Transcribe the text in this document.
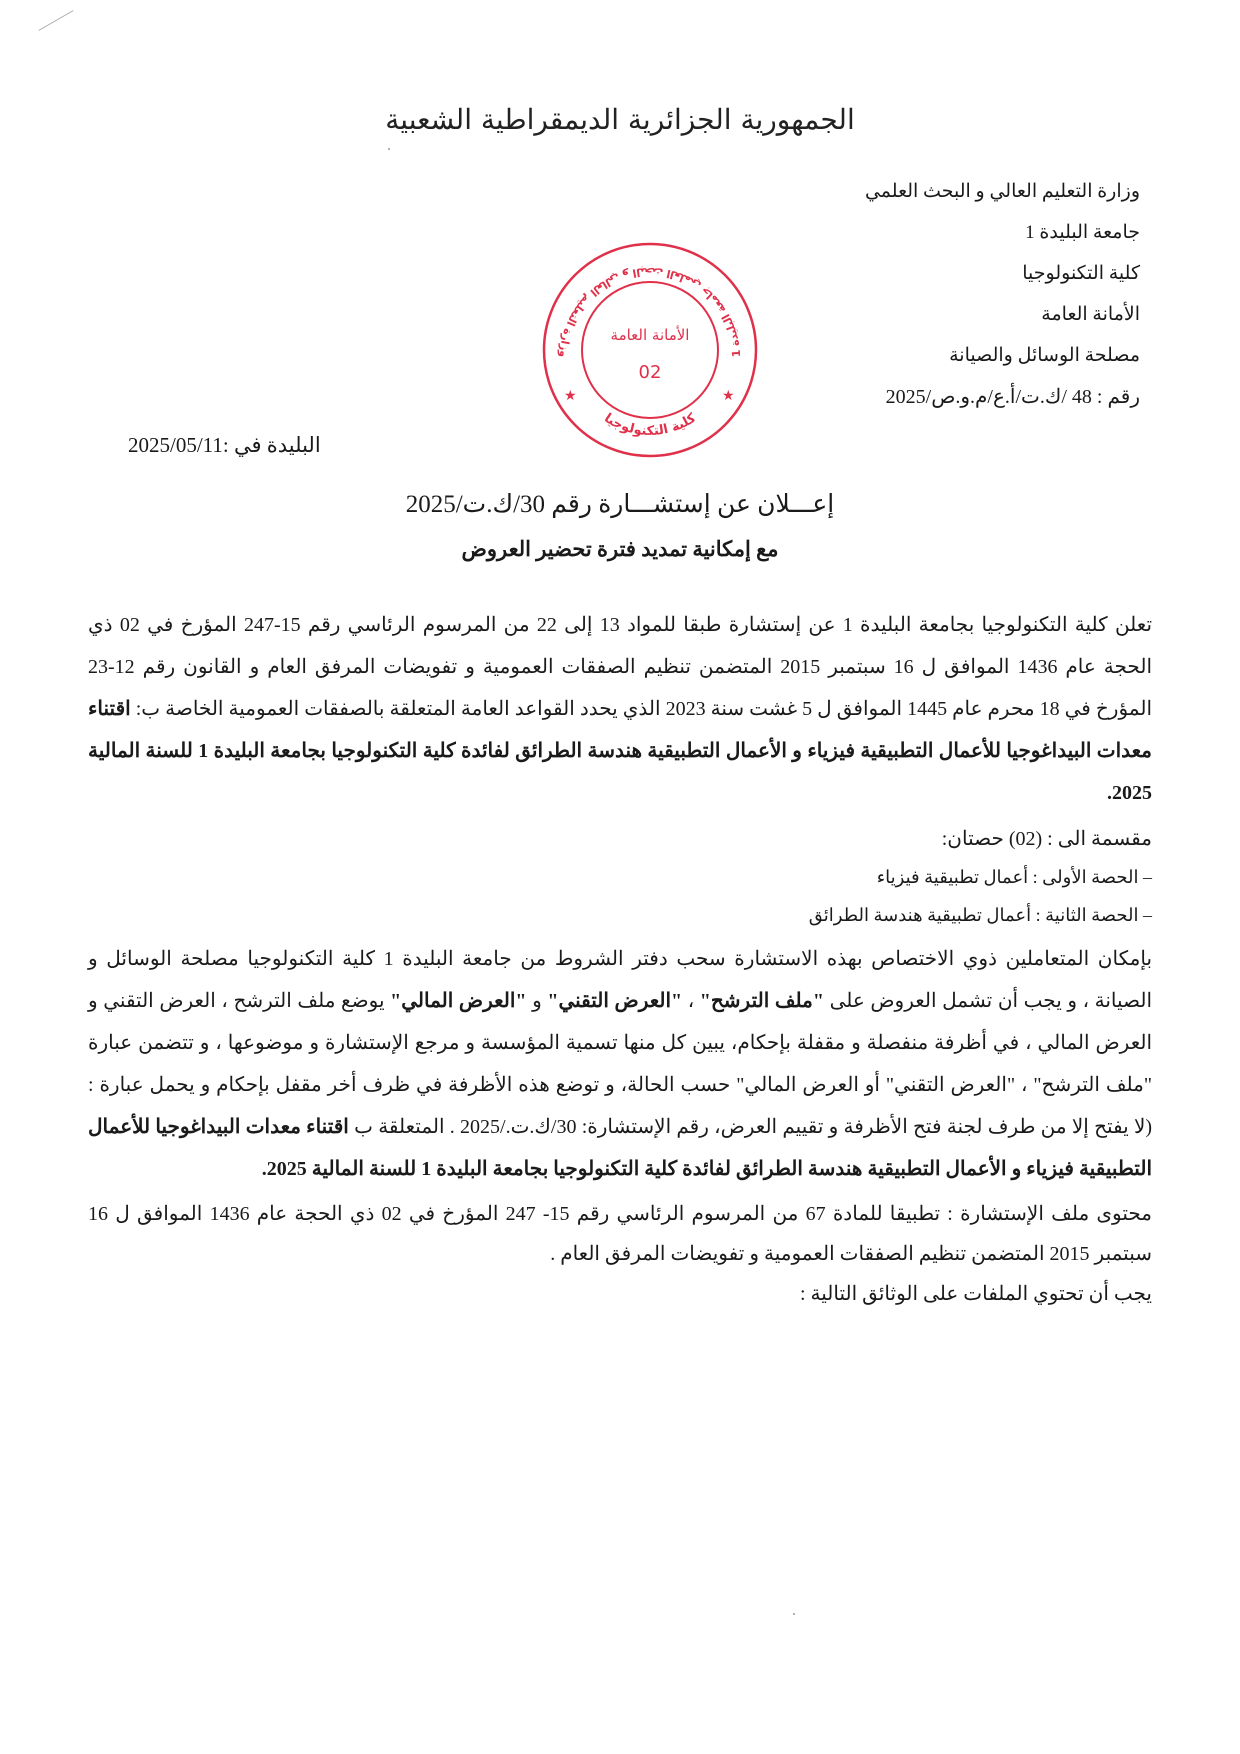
الجمهورية الجزائرية الديمقراطية الشعبية
وزارة التعليم العالي و البحث العلمي
جامعة البليدة 1
كلية التكنولوجيا
الأمانة العامة
مصلحة الوسائل والصيانة
رقم : 48 /ك.ت/أ.ع/م.و.ص/2025
وزارة التعليم العالي و البحث العلمي جامعة البليدة 1
كلية التكنولوجيا
★	★
الأمانة العامة
02
البليدة في :2025/05/11
إعـــلان عن إستشـــارة رقم 30/ك.ت/2025
مع إمكانية تمديد فترة تحضير العروض

تعلن كلية التكنولوجيا بجامعة البليدة 1 عن إستشارة طبقا للمواد 13 إلى 22 من المرسوم الرئاسي رقم 15-247 المؤرخ في 02 ذي الحجة عام 1436 الموافق ل 16 سبتمبر 2015 المتضمن تنظيم الصفقات العمومية و تفويضات المرفق العام و القانون رقم 12-23 المؤرخ في 18 محرم عام 1445 الموافق ل 5 غشت سنة 2023 الذي يحدد القواعد العامة المتعلقة بالصفقات العمومية الخاصة ب: اقتناء معدات البيداغوجيا للأعمال التطبيقية فيزياء و الأعمال التطبيقية هندسة الطرائق لفائدة كلية التكنولوجيا بجامعة البليدة 1 للسنة المالية 2025.

مقسمة الى : (02) حصتان:
– الحصة الأولى : أعمال تطبيقية فيزياء
– الحصة الثانية : أعمال تطبيقية هندسة الطرائق

بإمكان المتعاملين ذوي الاختصاص بهذه الاستشارة سحب دفتر الشروط من جامعة البليدة 1 كلية التكنولوجيا مصلحة الوسائل و الصيانة ، و يجب أن تشمل العروض على "ملف الترشح" ، "العرض التقني" و "العرض المالي" يوضع ملف الترشح ، العرض التقني و العرض المالي ، في أظرفة منفصلة و مقفلة بإحكام، يبين كل منها تسمية المؤسسة و مرجع الإستشارة و موضوعها ، و تتضمن عبارة "ملف الترشح" ، "العرض التقني" أو العرض المالي" حسب الحالة، و توضع هذه الأظرفة في ظرف أخر مقفل بإحكام و يحمل عبارة : (لا يفتح إلا من طرف لجنة فتح الأظرفة و تقييم العرض، رقم الإستشارة: 30/ك.ت./2025 . المتعلقة ب اقتناء معدات البيداغوجيا للأعمال التطبيقية فيزياء و الأعمال التطبيقية هندسة الطرائق لفائدة كلية التكنولوجيا بجامعة البليدة 1 للسنة المالية 2025.

محتوى ملف الإستشارة : تطبيقا للمادة 67 من المرسوم الرئاسي رقم 15- 247 المؤرخ في 02 ذي الحجة عام 1436 الموافق ل 16 سبتمبر 2015 المتضمن تنظيم الصفقات العمومية و تفويضات المرفق العام .

يجب أن تحتوي الملفات على الوثائق التالية :
